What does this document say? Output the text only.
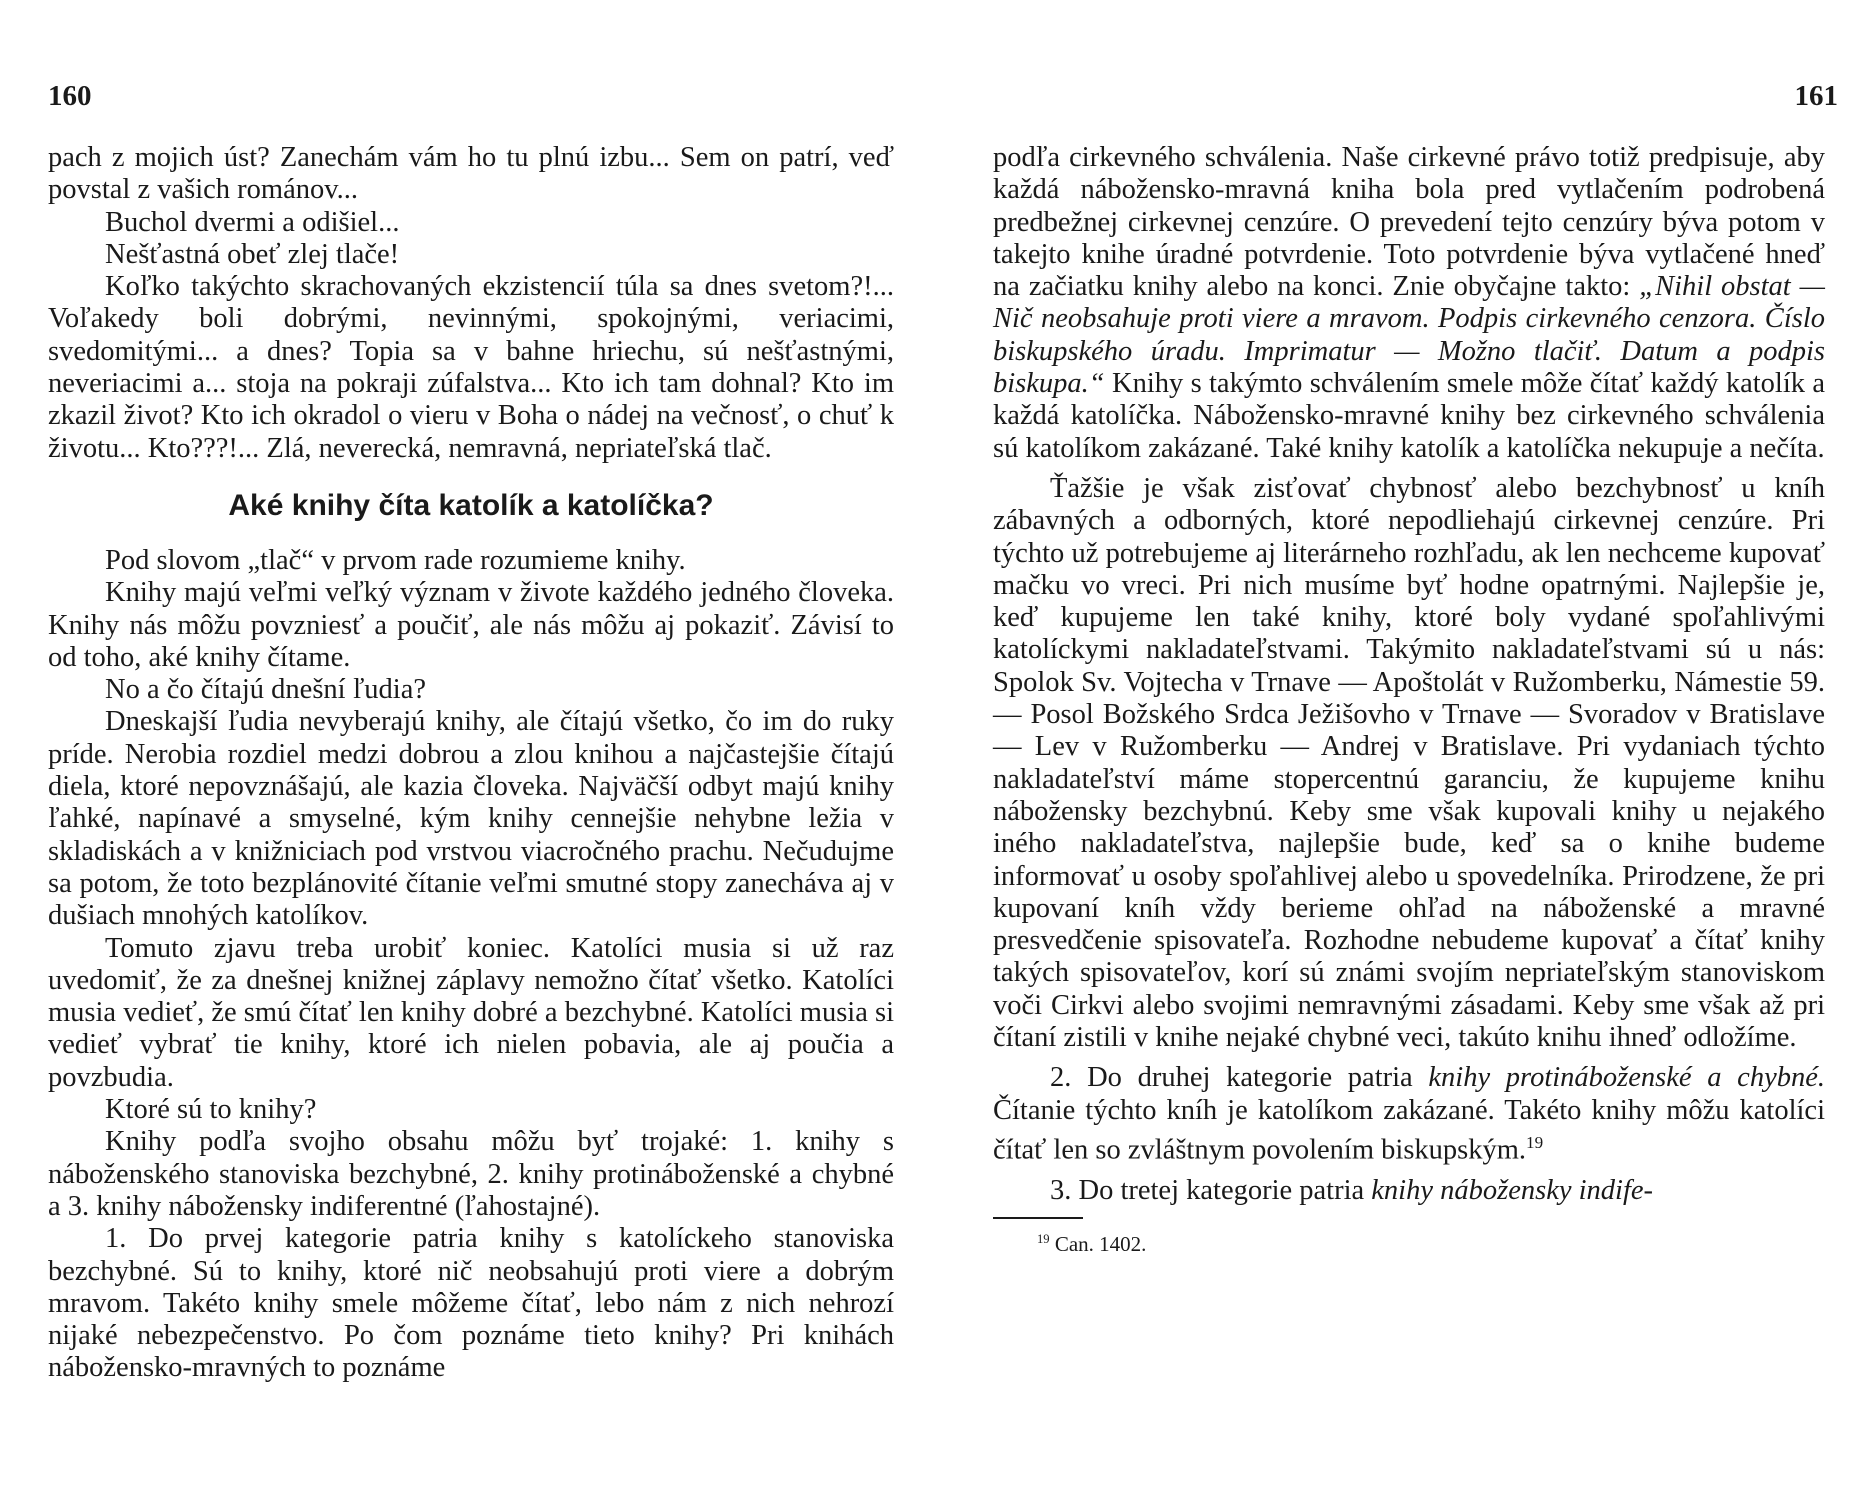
160

pach z mojich úst? Zanechám vám ho tu plnú izbu... Sem on patrí, veď povstal z vašich románov...

Buchol dvermi a odišiel...

Nešťastná obeť zlej tlače!

Koľko takýchto skrachovaných ekzistencií túla sa dnes svetom?!... Voľakedy boli dobrými, nevinnými, spokojnými, veriacimi, svedomitými... a dnes? Topia sa v bahne hriechu, sú nešťastnými, neveriacimi a... stoja na pokraji zúfalstva... Kto ich tam dohnal? Kto im zkazil život? Kto ich okradol o vieru v Boha o nádej na večnosť, o chuť k životu... Kto???!... Zlá, neverecká, nemravná, nepriateľská tlač.

Aké knihy číta katolík a katolíčka?

Pod slovom „tlač“ v prvom rade rozumieme knihy.

Knihy majú veľmi veľký význam v živote každého jedného človeka. Knihy nás môžu povzniesť a poučiť, ale nás môžu aj pokaziť. Závisí to od toho, aké knihy čítame.

No a čo čítajú dnešní ľudia?

Dneskajší ľudia nevyberajú knihy, ale čítajú všetko, čo im do ruky príde. Nerobia rozdiel medzi dobrou a zlou knihou a najčastejšie čítajú diela, ktoré nepovznášajú, ale kazia človeka. Najväčší odbyt majú knihy ľahké, napínavé a smyselné, kým knihy cennejšie nehybne ležia v skladiskách a v knižniciach pod vrstvou viacročného prachu. Nečudujme sa potom, že toto bezplánovité čítanie veľmi smutné stopy zanecháva aj v dušiach mnohých katolíkov.

Tomuto zjavu treba urobiť koniec. Katolíci musia si už raz uvedomiť, že za dnešnej knižnej záplavy nemožno čítať všetko. Katolíci musia vedieť, že smú čítať len knihy dobré a bezchybné. Katolíci musia si vedieť vybrať tie knihy, ktoré ich nielen pobavia, ale aj poučia a povzbudia.

Ktoré sú to knihy?

Knihy podľa svojho obsahu môžu byť trojaké: 1. knihy s náboženského stanoviska bezchybné, 2. knihy protináboženské a chybné a 3. knihy nábožensky indiferentné (ľahostajné).

1. Do prvej kategorie patria knihy s katolíckeho stanoviska bezchybné. Sú to knihy, ktoré nič neobsahujú proti viere a dobrým mravom. Takéto knihy smele môžeme čítať, lebo nám z nich nehrozí nijaké nebezpečenstvo. Po čom poznáme tieto knihy? Pri knihách nábožensko-mravných to poznáme

161

podľa cirkevného schválenia. Naše cirkevné právo totiž predpisuje, aby každá nábožensko-mravná kniha bola pred vytlačením podrobená predbežnej cirkevnej cenzúre. O prevedení tejto cenzúry býva potom v takejto knihe úradné potvrdenie. Toto potvrdenie býva vytlačené hneď na začiatku knihy alebo na konci. Znie obyčajne takto: „Nihil obstat — Nič neobsahuje proti viere a mravom. Podpis cirkevného cenzora. Číslo biskupského úradu. Imprimatur — Možno tlačiť. Datum a podpis biskupa.“ Knihy s takýmto schválením smele môže čítať každý katolík a každá katolíčka. Nábožensko-mravné knihy bez cirkevného schválenia sú katolíkom zakázané. Také knihy katolík a katolíčka nekupuje a nečíta.

Ťažšie je však zisťovať chybnosť alebo bezchybnosť u kníh zábavných a odborných, ktoré nepodliehajú cirkevnej cenzúre. Pri týchto už potrebujeme aj literárneho rozhľadu, ak len nechceme kupovať mačku vo vreci. Pri nich musíme byť hodne opatrnými. Najlepšie je, keď kupujeme len také knihy, ktoré boly vydané spoľahlivými katolíckymi nakladateľstvami. Takýmito nakladateľstvami sú u nás: Spolok Sv. Vojtecha v Trnave — Apoštolát v Ružomberku, Námestie 59. — Posol Božského Srdca Ježišovho v Trnave — Svoradov v Bratislave — Lev v Ružomberku — Andrej v Bratislave. Pri vydaniach týchto nakladateľství máme stopercentnú garanciu, že kupujeme knihu nábožensky bezchybnú. Keby sme však kupovali knihy u nejakého iného nakladateľstva, najlepšie bude, keď sa o knihe budeme informovať u osoby spoľahlivej alebo u spovedelníka. Prirodzene, že pri kupovaní kníh vždy berieme ohľad na náboženské a mravné presvedčenie spisovateľa. Rozhodne nebudeme kupovať a čítať knihy takých spisovateľov, korí sú známi svojím nepriateľským stanoviskom voči Cirkvi alebo svojimi nemravnými zásadami. Keby sme však až pri čítaní zistili v knihe nejaké chybné veci, takúto knihu ihneď odložíme.

2. Do druhej kategorie patria knihy protináboženské a chybné. Čítanie týchto kníh je katolíkom zakázané. Takéto knihy môžu katolíci čítať len so zvláštnym povolením biskupským.$^{19}$

3. Do tretej kategorie patria knihy nábožensky indife-

$^{19}$ Can. 1402.
